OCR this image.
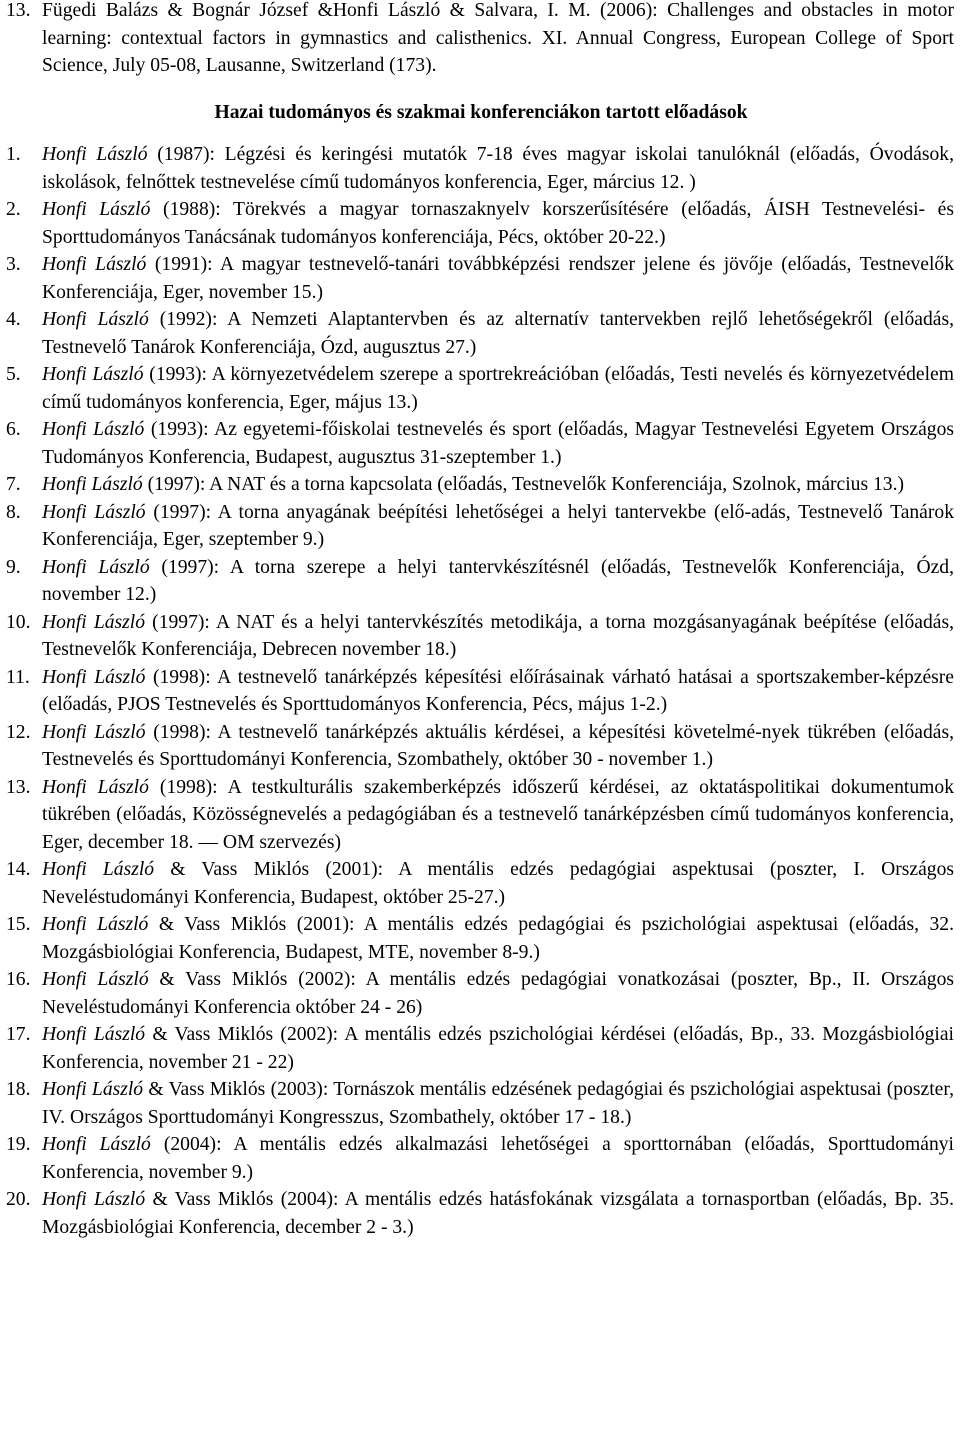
13. Fügedi Balázs & Bognár József &Honfi László & Salvara, I. M. (2006): Challenges and obstacles in motor learning: contextual factors in gymnastics and calisthenics. XI. Annual Congress, European College of Sport Science, July 05-08, Lausanne, Switzerland (173).
Hazai tudományos és szakmai konferenciákon tartott előadások
1.	Honfi László (1987): Légzési és keringési mutatók 7-18 éves magyar iskolai tanulóknál (előadás, Óvodások, iskolások, felnőttek testnevelése című tudományos konferencia, Eger, március 12. )
2.	Honfi László (1988): Törekvés a magyar tornaszaknyelv korszerűsítésére (előadás, ÁISH Testnevelési- és Sporttudományos Tanácsának tudományos konferenciája, Pécs, október 20-22.)
3.	Honfi László (1991): A magyar testnevelő-tanári továbbképzési rendszer jelene és jövője (előadás, Testnevelők Konferenciája, Eger, november 15.)
4.	Honfi László (1992): A Nemzeti Alaptantervben és az alternatív tantervekben rejlő lehetőségekről (előadás, Testnevelő Tanárok Konferenciája, Ózd, augusztus 27.)
5.	Honfi László (1993): A környezetvédelem szerepe a sportrekreációban (előadás, Testi nevelés és környezetvédelem című tudományos konferencia, Eger, május 13.)
6.	Honfi László (1993): Az egyetemi-főiskolai testnevelés és sport (előadás, Magyar Testnevelési Egyetem Országos Tudományos Konferencia, Budapest, augusztus 31-szeptember 1.)
7.	Honfi László (1997): A NAT és a torna kapcsolata (előadás, Testnevelők Konferenciája, Szolnok, március 13.)
8.	Honfi László (1997): A torna anyagának beépítési lehetőségei a helyi tantervekbe (elő-adás, Testnevelő Tanárok Konferenciája, Eger, szeptember 9.)
9.	Honfi László (1997): A torna szerepe a helyi tantervkészítésnél (előadás, Testnevelők Konferenciája, Ózd, november 12.)
10. Honfi László (1997): A NAT és a helyi tantervkészítés metodikája, a torna mozgásanyagának beépítése (előadás, Testnevelők Konferenciája, Debrecen november 18.)
11. Honfi László (1998): A testnevelő tanárképzés képesítési előírásainak várható hatásai a sportszakember-képzésre (előadás, PJOS Testnevelés és Sporttudományos Konferencia, Pécs, május 1-2.)
12. Honfi László (1998): A testnevelő tanárképzés aktuális kérdései, a képesítési követelmé-nyek tükrében (előadás, Testnevelés és Sporttudományi Konferencia, Szombathely, október 30 - november 1.)
13. Honfi László (1998): A testkulturális szakemberképzés időszerű kérdései, az oktatáspolitikai dokumentumok tükrében (előadás, Közösségnevelés a pedagógiában és a testnevelő tanárképzésben című tudományos konferencia, Eger, december 18. — OM szervezés)
14. Honfi László & Vass Miklós (2001): A mentális edzés pedagógiai aspektusai (poszter, I. Országos Neveléstudományi Konferencia, Budapest, október 25-27.)
15. Honfi László & Vass Miklós (2001): A mentális edzés pedagógiai és pszichológiai aspektusai (előadás, 32. Mozgásbiológiai Konferencia, Budapest, MTE, november 8-9.)
16. Honfi László & Vass Miklós (2002): A mentális edzés pedagógiai vonatkozásai (poszter, Bp., II. Országos Neveléstudományi Konferencia október 24 - 26)
17. Honfi László & Vass Miklós (2002): A mentális edzés pszichológiai kérdései (előadás, Bp., 33. Mozgásbiológiai Konferencia, november 21 - 22)
18. Honfi László & Vass Miklós (2003): Tornászok mentális edzésének pedagógiai és pszichológiai aspektusai (poszter, IV. Országos Sporttudományi Kongresszus, Szombathely, október 17 - 18.)
19. Honfi László (2004): A mentális edzés alkalmazási lehetőségei a sporttornában (előadás, Sporttudományi Konferencia, november 9.)
20. Honfi László & Vass Miklós (2004): A mentális edzés hatásfokának vizsgálata a tornasportban (előadás, Bp. 35. Mozgásbiológiai Konferencia, december 2 - 3.)
